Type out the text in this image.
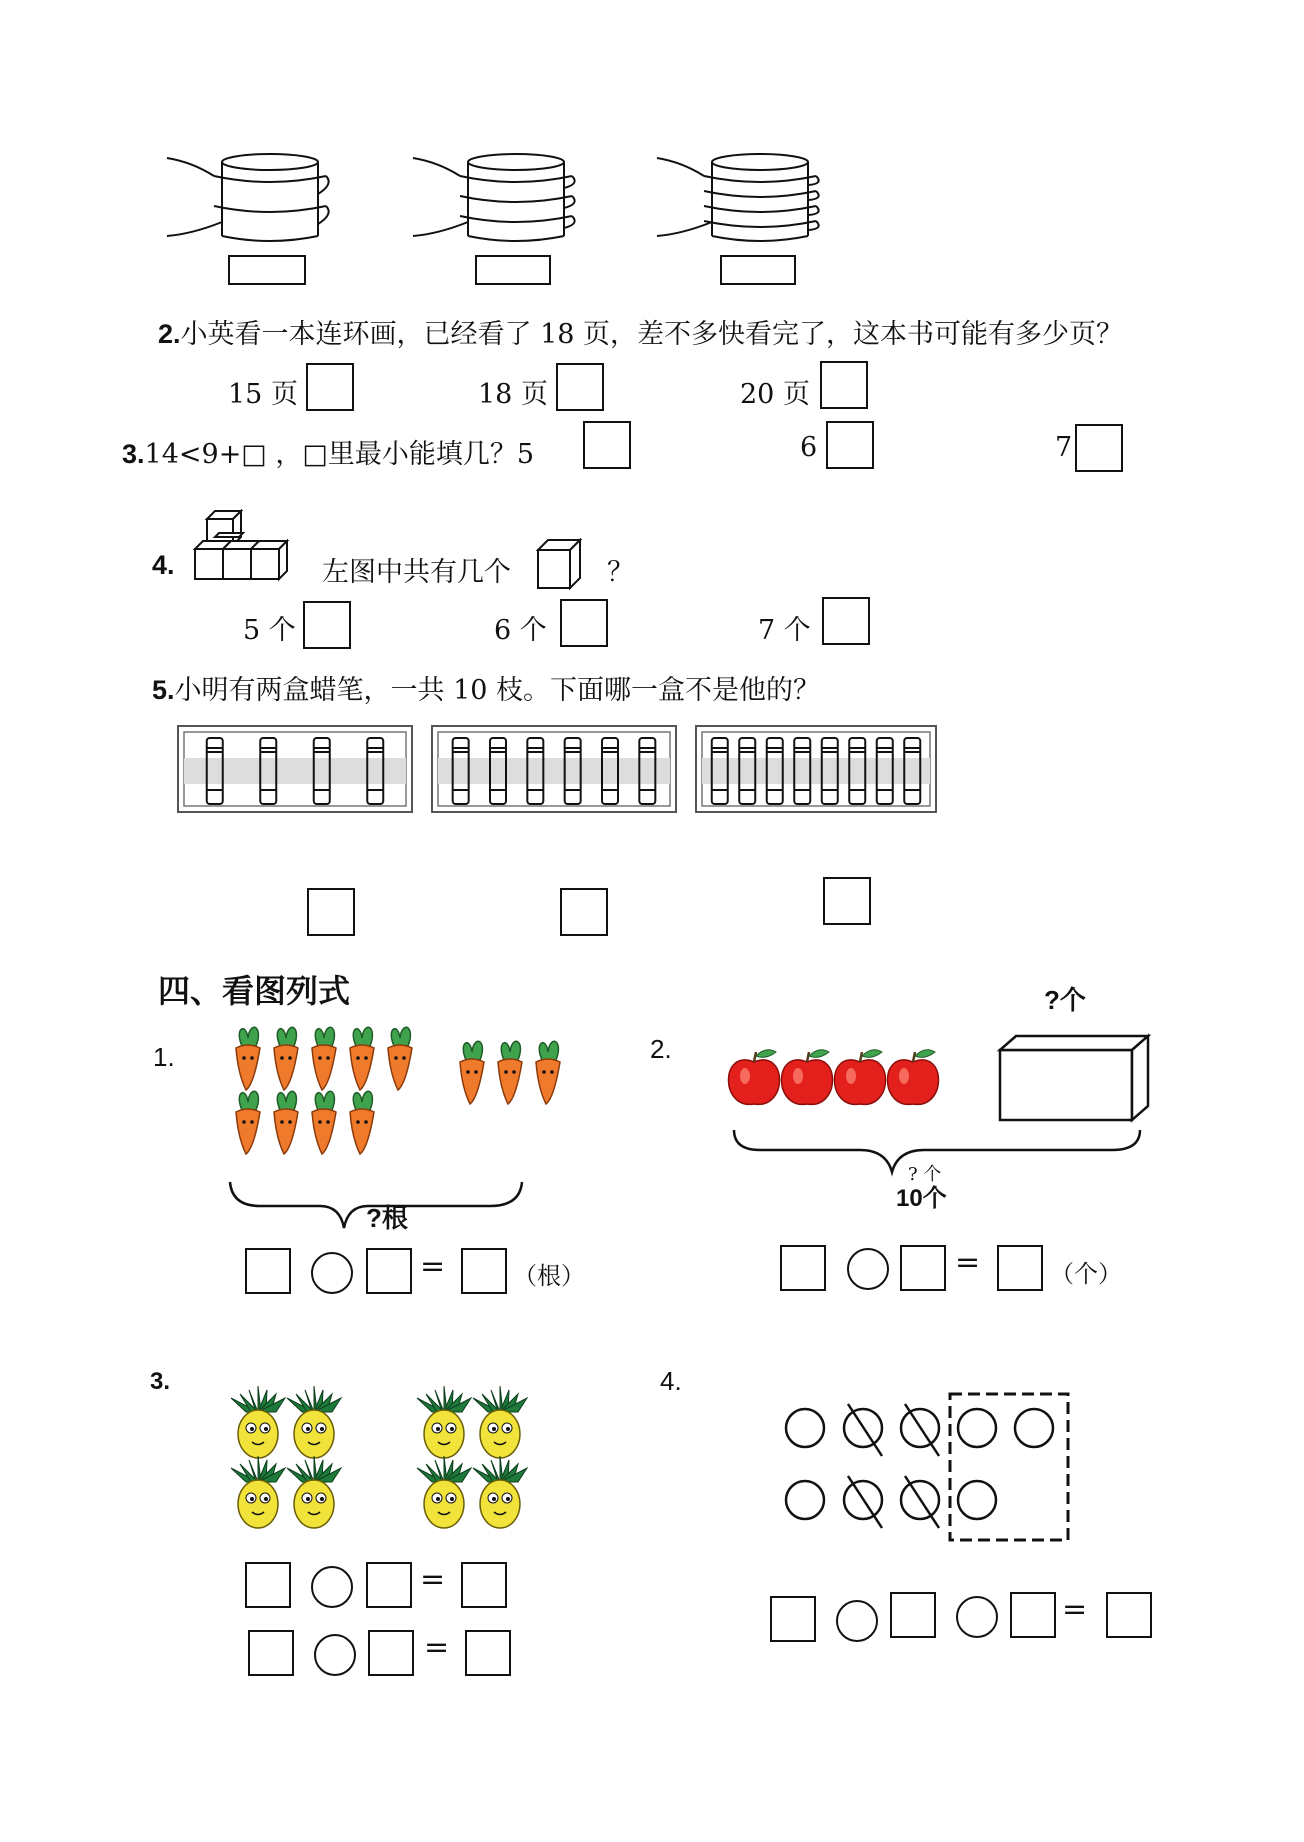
2.小英看一本连环画，已经看了 18 页，差不多快看完了，这本书可能有多少页？
15 页	18 页	20 页
3.14<9+□ ，□里最小能填几？5	6	7
4.	左图中共有几个	？
5 个	6 个	7 个
5.小明有两盒蜡笔，一共 10 枝。下面哪一盒不是他的？
四、看图列式
1.
?根
=	（根）
2.
?个
? 个
10个
=	（个）
3.
=
=
4.
=
